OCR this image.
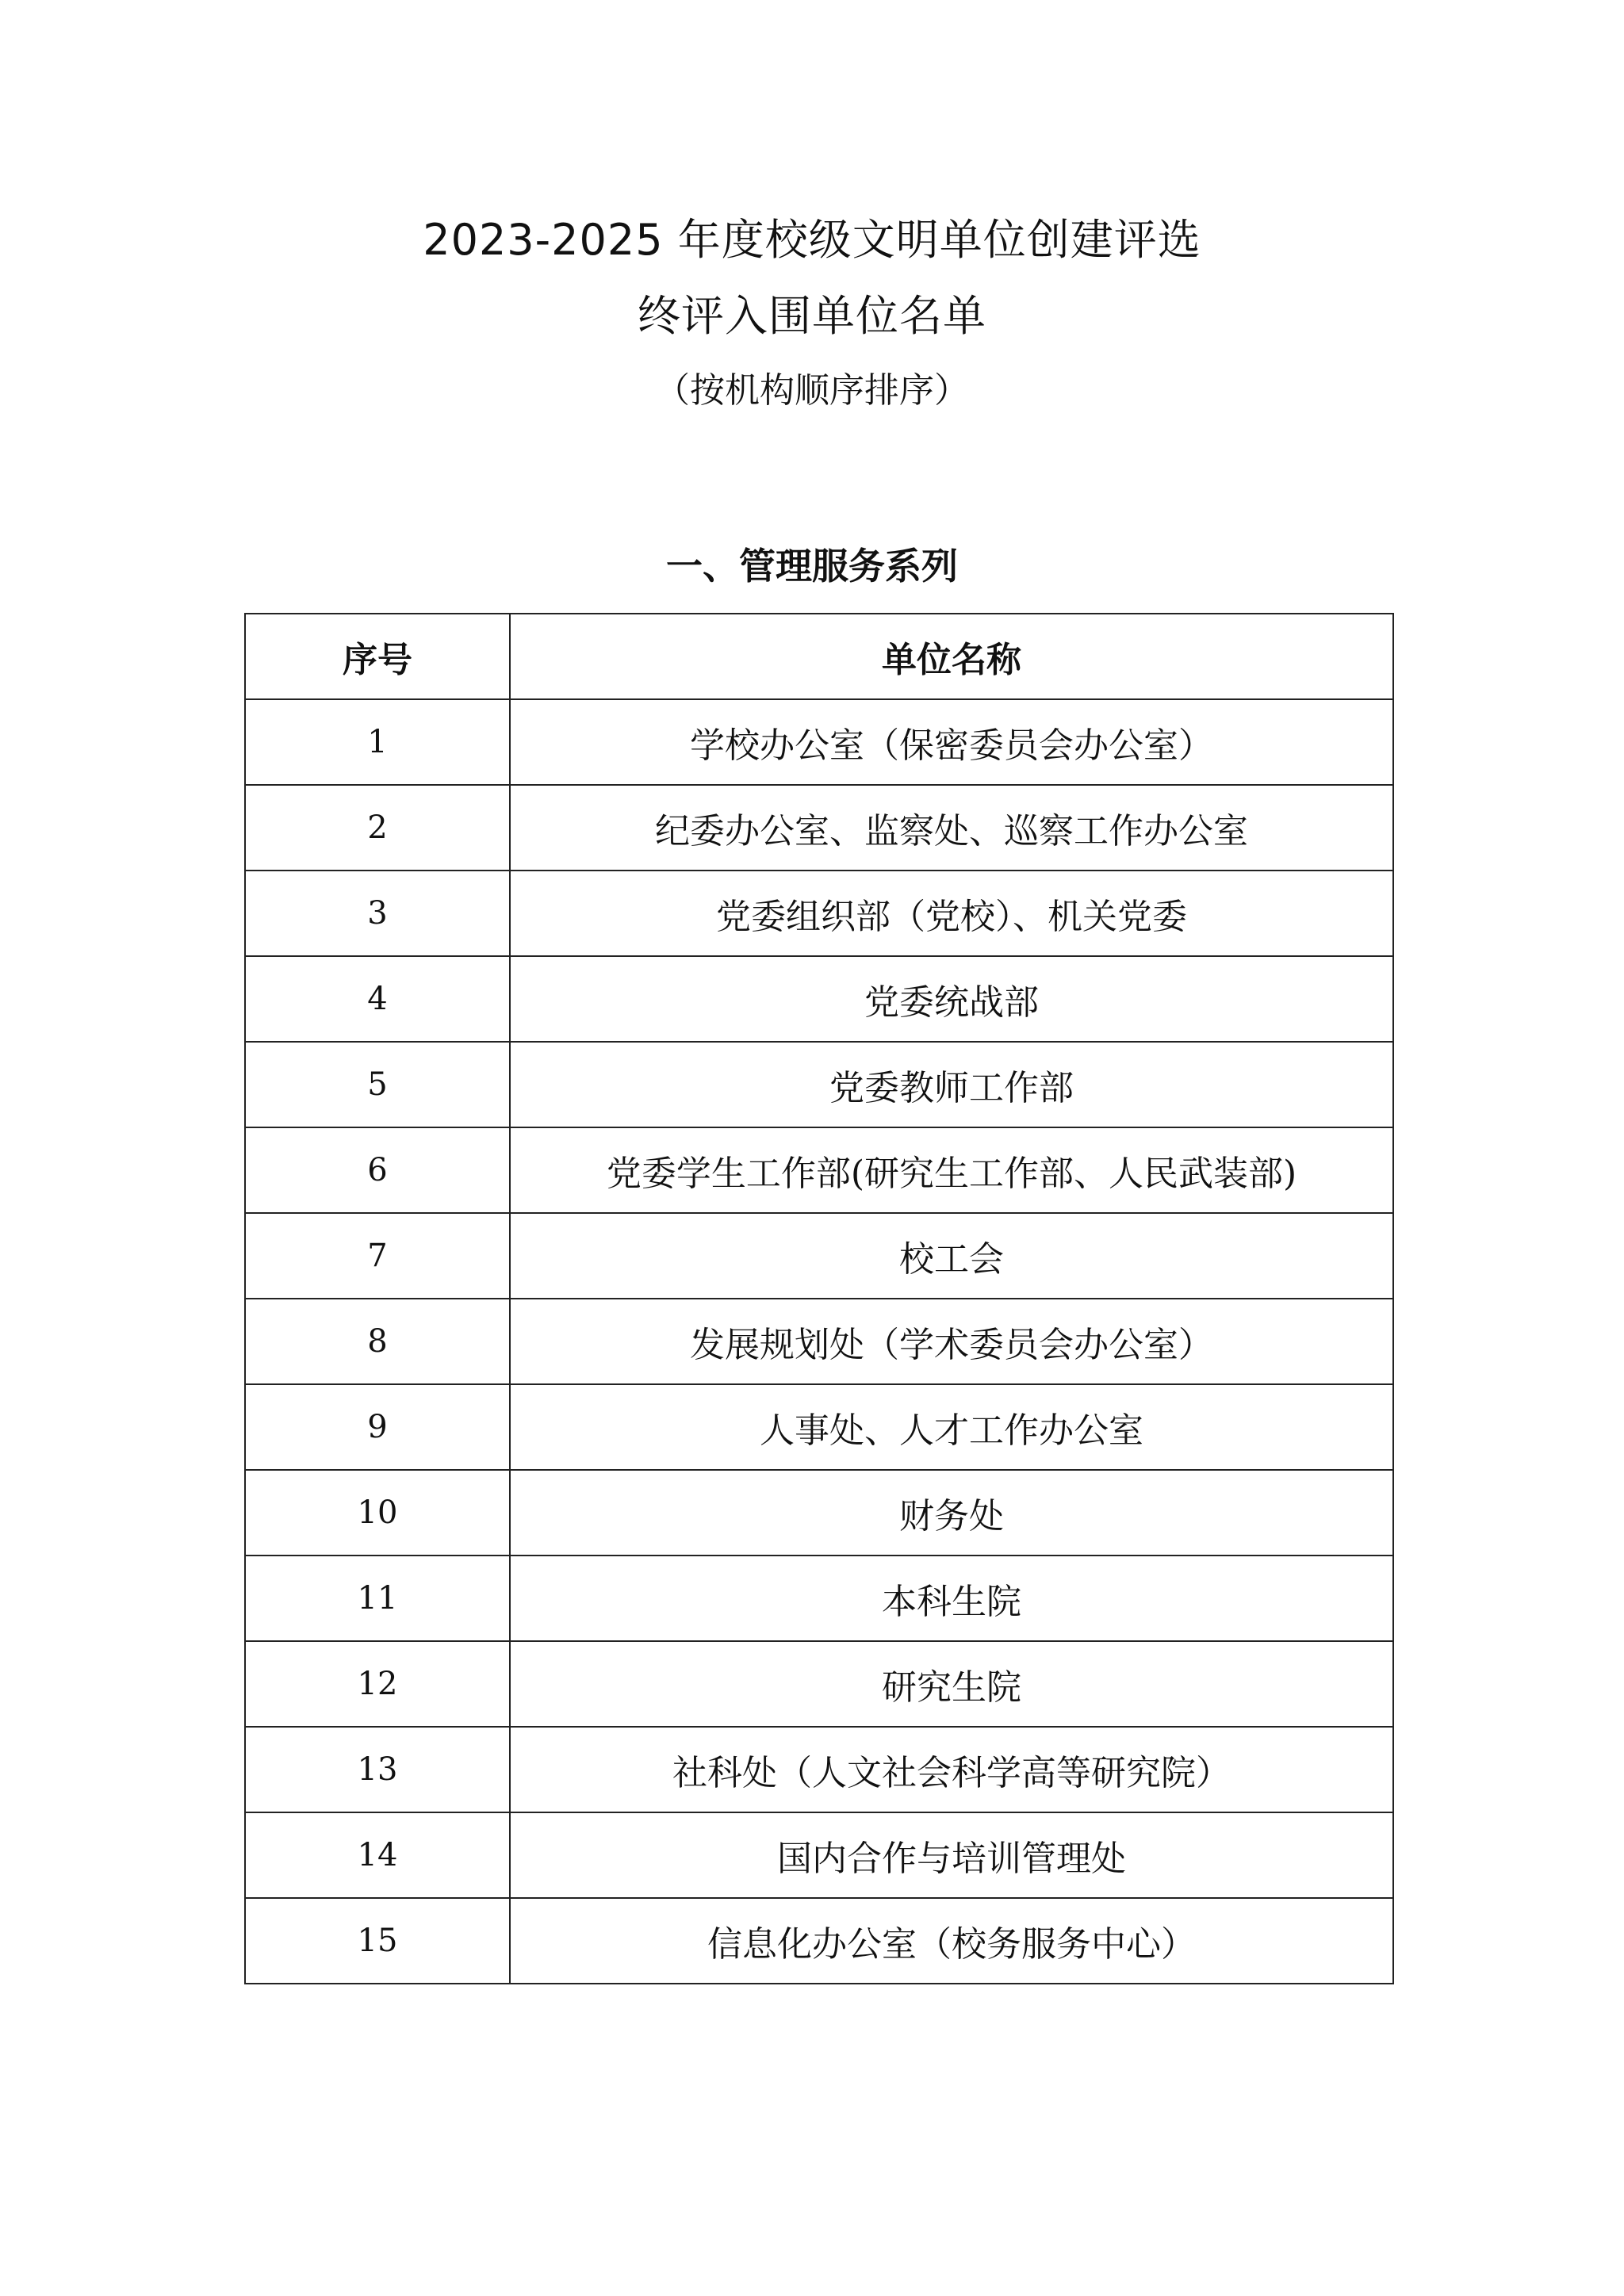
2023-2025 年度校级文明单位创建评选
终评入围单位名单
（按机构顺序排序）
一、管理服务系列
序号	单位名称
1	学校办公室（保密委员会办公室）
2	纪委办公室、监察处、巡察工作办公室
3	党委组织部（党校）、机关党委
4	党委统战部
5	党委教师工作部
6	党委学生工作部(研究生工作部、人民武装部)
7	校工会
8	发展规划处（学术委员会办公室）
9	人事处、人才工作办公室
10	财务处
11	本科生院
12	研究生院
13	社科处（人文社会科学高等研究院）
14	国内合作与培训管理处
15	信息化办公室（校务服务中心）
